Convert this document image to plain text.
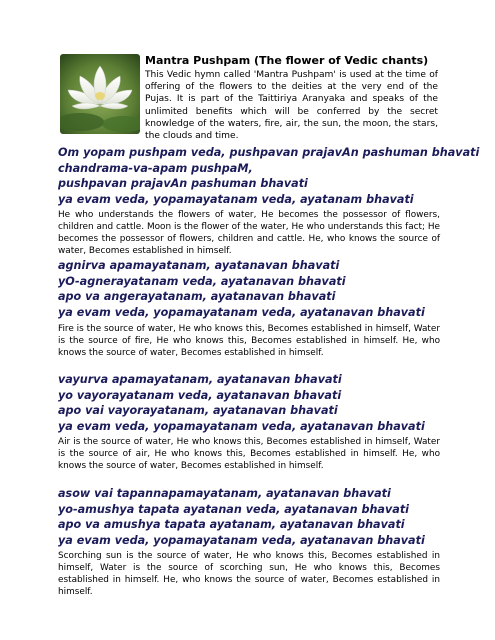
Mantra Pushpam (The flower of Vedic chants)

This Vedic hymn called 'Mantra Pushpam' is used at the time of offering of the flowers to the deities at the very end of the Pujas. It is part of the Taittiriya Aranyaka and speaks of the unlimited benefits which will be conferred by the secret knowledge of the waters, fire, air, the sun, the moon, the stars, the clouds and time.

Om yopam pushpam veda, pushpavan prajavAn pashuman bhavati

chandrama-va-apam pushpaM,

pushpavan prajavAn pashuman bhavati

ya evam veda, yopamayatanam veda, ayatanam bhavati

He who understands the flowers of water, He becomes the possessor of flowers, children and cattle. Moon is the flower of the water, He who understands this fact; He becomes the possessor of flowers, children and cattle. He, who knows the source of water, Becomes established in himself.

agnirva apamayatanam, ayatanavan bhavati

yO-agnerayatanam veda, ayatanavan bhavati

apo va angerayatanam, ayatanavan bhavati

ya evam veda, yopamayatanam veda, ayatanavan bhavati

Fire is the source of water, He who knows this, Becomes established in himself, Water is the source of fire, He who knows this, Becomes established in himself. He, who knows the source of water, Becomes established in himself.

vayurva apamayatanam, ayatanavan bhavati

yo vayorayatanam veda, ayatanavan bhavati

apo vai vayorayatanam, ayatanavan bhavati

ya evam veda, yopamayatanam veda, ayatanavan bhavati

Air is the source of water, He who knows this, Becomes established in himself, Water is the source of air, He who knows this, Becomes established in himself. He, who knows the source of water, Becomes established in himself.

asow vai tapannapamayatanam, ayatanavan bhavati

yo-amushya tapata ayatanan veda, ayatanavan bhavati

apo va amushya tapata ayatanam, ayatanavan bhavati

ya evam veda, yopamayatanam veda, ayatanavan bhavati

Scorching sun is the source of water, He who knows this, Becomes established in himself, Water is the source of scorching sun, He who knows this, Becomes established in himself. He, who knows the source of water, Becomes established in himself.
